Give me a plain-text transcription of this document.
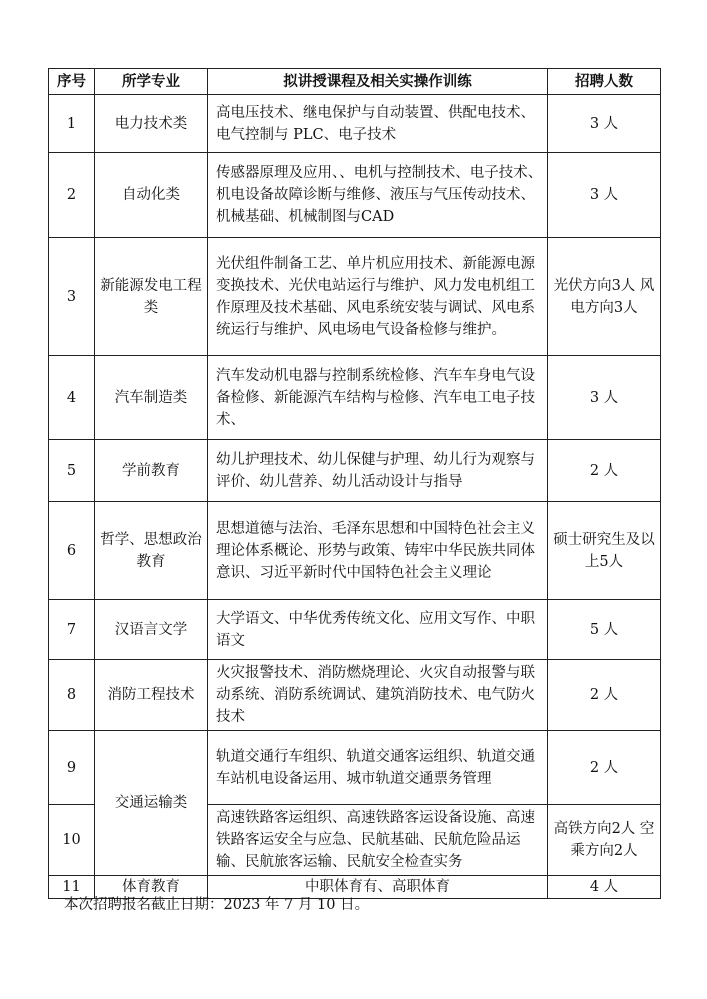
序号	所学专业	拟讲授课程及相关实操作训练	招聘人数
1	电力技术类	高电压技术、继电保护与自动装置、供配电技术、电气控制与 PLC、电子技术	3 人
2	自动化类	传感器原理及应用、、电机与控制技术、电子技术、机电设备故障诊断与维修、液压与气压传动技术、机械基础、机械制图与CAD	3 人
3	新能源发电工程类	光伏组件制备工艺、单片机应用技术、新能源电源变换技术、光伏电站运行与维护、风力发电机组工作原理及技术基础、风电系统安装与调试、风电系统运行与维护、风电场电气设备检修与维护。	光伏方向3人 风电方向3人
4	汽车制造类	汽车发动机电器与控制系统检修、汽车车身电气设备检修、新能源汽车结构与检修、汽车电工电子技术、	3 人
5	学前教育	幼儿护理技术、幼儿保健与护理、幼儿行为观察与评价、幼儿营养、幼儿活动设计与指导	2 人
6	哲学、思想政治教育	思想道德与法治、毛泽东思想和中国特色社会主义理论体系概论、形势与政策、铸牢中华民族共同体意识、习近平新时代中国特色社会主义理论	硕士研究生及以上5人
7	汉语言文学	大学语文、中华优秀传统文化、应用文写作、中职语文	5 人
8	消防工程技术	火灾报警技术、消防燃烧理论、火灾自动报警与联动系统、消防系统调试、建筑消防技术、电气防火技术	2 人
9	交通运输类	轨道交通行车组织、轨道交通客运组织、轨道交通车站机电设备运用、城市轨道交通票务管理	2 人
10		高速铁路客运组织、高速铁路客运设备设施、高速铁路客运安全与应急、民航基础、民航危险品运输、民航旅客运输、民航安全检查实务	高铁方向2人 空乘方向2人
11	体育教育	中职体育有、高职体育	4 人
本次招聘报名截止日期：2023 年 7 月 10 日。
